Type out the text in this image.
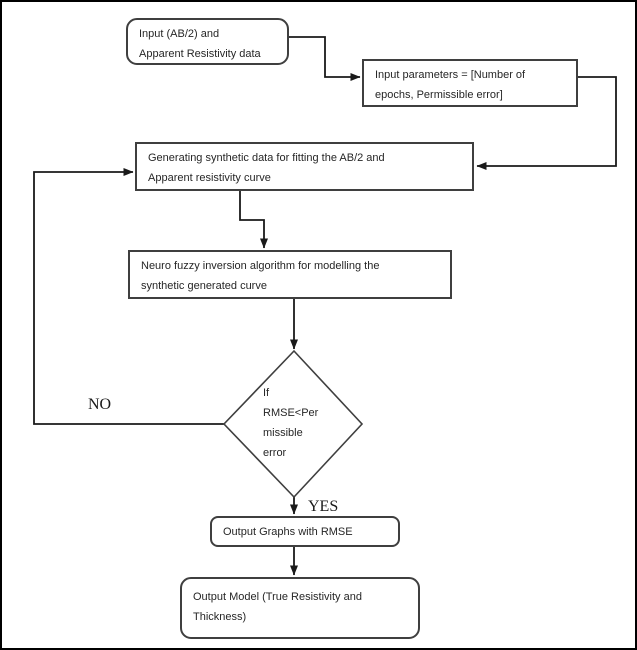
Input (AB/2) and
Apparent Resistivity data
Input parameters = [Number of
epochs, Permissible error]
Generating synthetic data for fitting the AB/2 and
Apparent resistivity curve
Neuro fuzzy inversion algorithm for modelling the
synthetic generated curve
If
RMSE<Per
missible
error
NO
YES
Output Graphs with RMSE
Output Model (True Resistivity and
Thickness)
